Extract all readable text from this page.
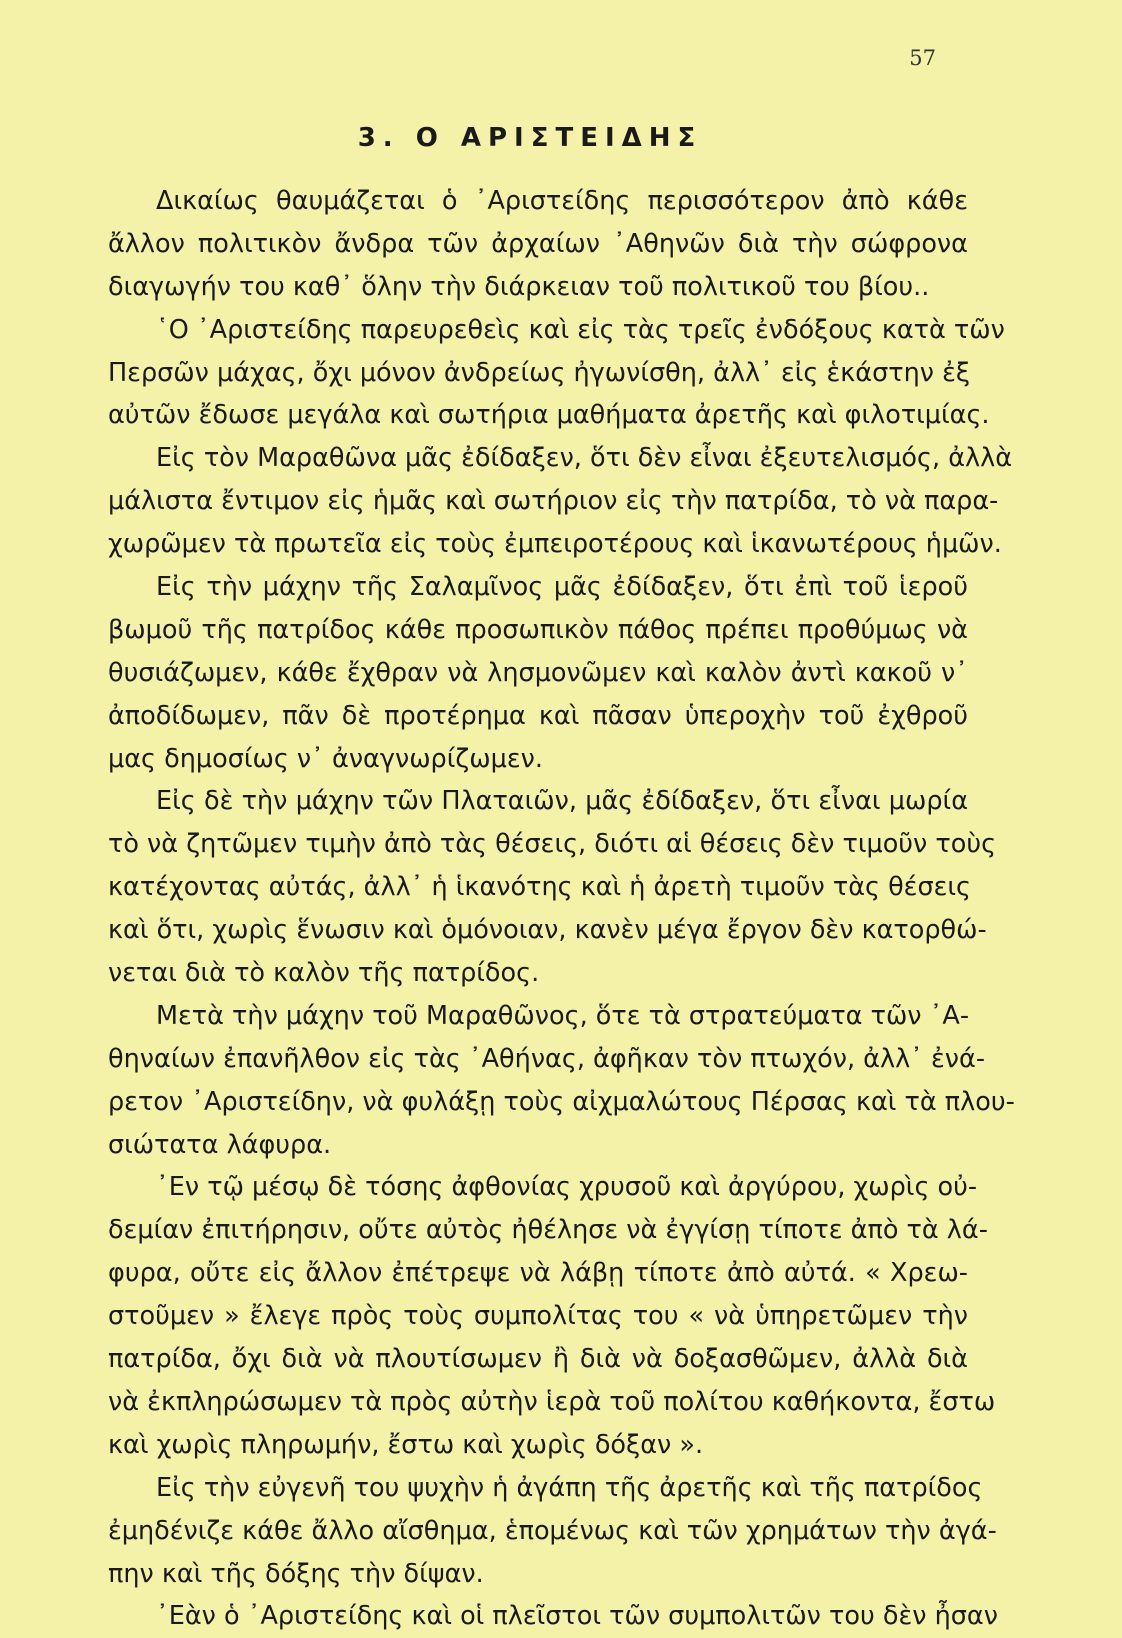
57
3. Ο ΑΡΙΣΤΕΙΔΗΣ
Δικαίως θαυμάζεται ὁ ᾿Αριστείδης περισσότερον ἀπὸ κάθε
ἄλλον πολιτικὸν ἄνδρα τῶν ἀρχαίων ᾿Αθηνῶν διὰ τὴν σώφρονα
διαγωγήν του καθ᾿ ὅλην τὴν διάρκειαν τοῦ πολιτικοῦ του βίου..
῾Ο ᾿Αριστείδης παρευρεθεὶς καὶ εἰς τὰς τρεῖς ἐνδόξους κατὰ τῶν
Περσῶν μάχας, ὄχι μόνον ἀνδρείως ἠγωνίσθη, ἀλλ᾿ εἰς ἑκάστην ἐξ
αὐτῶν ἔδωσε μεγάλα καὶ σωτήρια μαθήματα ἀρετῆς καὶ φιλοτιμίας.
Εἰς τὸν Μαραθῶνα μᾶς ἐδίδαξεν, ὅτι δὲν εἶναι ἐξευτελισμός, ἀλλὰ
μάλιστα ἔντιμον εἰς ἡμᾶς καὶ σωτήριον εἰς τὴν πατρίδα, τὸ νὰ παρα-
χωρῶμεν τὰ πρωτεῖα εἰς τοὺς ἐμπειροτέρους καὶ ἱκανωτέρους ἡμῶν.
Εἰς τὴν μάχην τῆς Σαλαμῖνος μᾶς ἐδίδαξεν, ὅτι ἐπὶ τοῦ ἱεροῦ
βωμοῦ τῆς πατρίδος κάθε προσωπικὸν πάθος πρέπει προθύμως νὰ
θυσιάζωμεν, κάθε ἔχθραν νὰ λησμονῶμεν καὶ καλὸν ἀντὶ κακοῦ ν᾿
ἀποδίδωμεν, πᾶν δὲ προτέρημα καὶ πᾶσαν ὑπεροχὴν τοῦ ἐχθροῦ
μας δημοσίως ν᾿ ἀναγνωρίζωμεν.
Εἰς δὲ τὴν μάχην τῶν Πλαταιῶν, μᾶς ἐδίδαξεν, ὅτι εἶναι μωρία
τὸ νὰ ζητῶμεν τιμὴν ἀπὸ τὰς θέσεις, διότι αἱ θέσεις δὲν τιμοῦν τοὺς
κατέχοντας αὐτάς, ἀλλ᾿ ἡ ἱκανότης καὶ ἡ ἀρετὴ τιμοῦν τὰς θέσεις
καὶ ὅτι, χωρὶς ἕνωσιν καὶ ὁμόνοιαν, κανὲν μέγα ἔργον δὲν κατορθώ-
νεται διὰ τὸ καλὸν τῆς πατρίδος.
Μετὰ τὴν μάχην τοῦ Μαραθῶνος, ὅτε τὰ στρατεύματα τῶν ᾿Α-
θηναίων ἐπανῆλθον εἰς τὰς ᾿Αθήνας, ἀφῆκαν τὸν πτωχόν, ἀλλ᾿ ἐνά-
ρετον ᾿Αριστείδην, νὰ φυλάξῃ τοὺς αἰχμαλώτους Πέρσας καὶ τὰ πλου-
σιώτατα λάφυρα.
᾿Εν τῷ μέσῳ δὲ τόσης ἀφθονίας χρυσοῦ καὶ ἀργύρου, χωρὶς οὐ-
δεμίαν ἐπιτήρησιν, οὔτε αὐτὸς ἠθέλησε νὰ ἐγγίσῃ τίποτε ἀπὸ τὰ λά-
φυρα, οὔτε εἰς ἄλλον ἐπέτρεψε νὰ λάβῃ τίποτε ἀπὸ αὐτά. « Χρεω-
στοῦμεν » ἔλεγε πρὸς τοὺς συμπολίτας του « νὰ ὑπηρετῶμεν τὴν
πατρίδα, ὄχι διὰ νὰ πλουτίσωμεν ἢ διὰ νὰ δοξασθῶμεν, ἀλλὰ διὰ
νὰ ἐκπληρώσωμεν τὰ πρὸς αὐτὴν ἱερὰ τοῦ πολίτου καθήκοντα, ἔστω
καὶ χωρὶς πληρωμήν, ἔστω καὶ χωρὶς δόξαν ».
Εἰς τὴν εὐγενῆ του ψυχὴν ἡ ἀγάπη τῆς ἀρετῆς καὶ τῆς πατρίδος
ἐμηδένιζε κάθε ἄλλο αἴσθημα, ἑπομένως καὶ τῶν χρημάτων τὴν ἀγά-
πην καὶ τῆς δόξης τὴν δίψαν.
᾿Εὰν ὁ ᾿Αριστείδης καὶ οἱ πλεῖστοι τῶν συμπολιτῶν του δὲν ἦσαν
